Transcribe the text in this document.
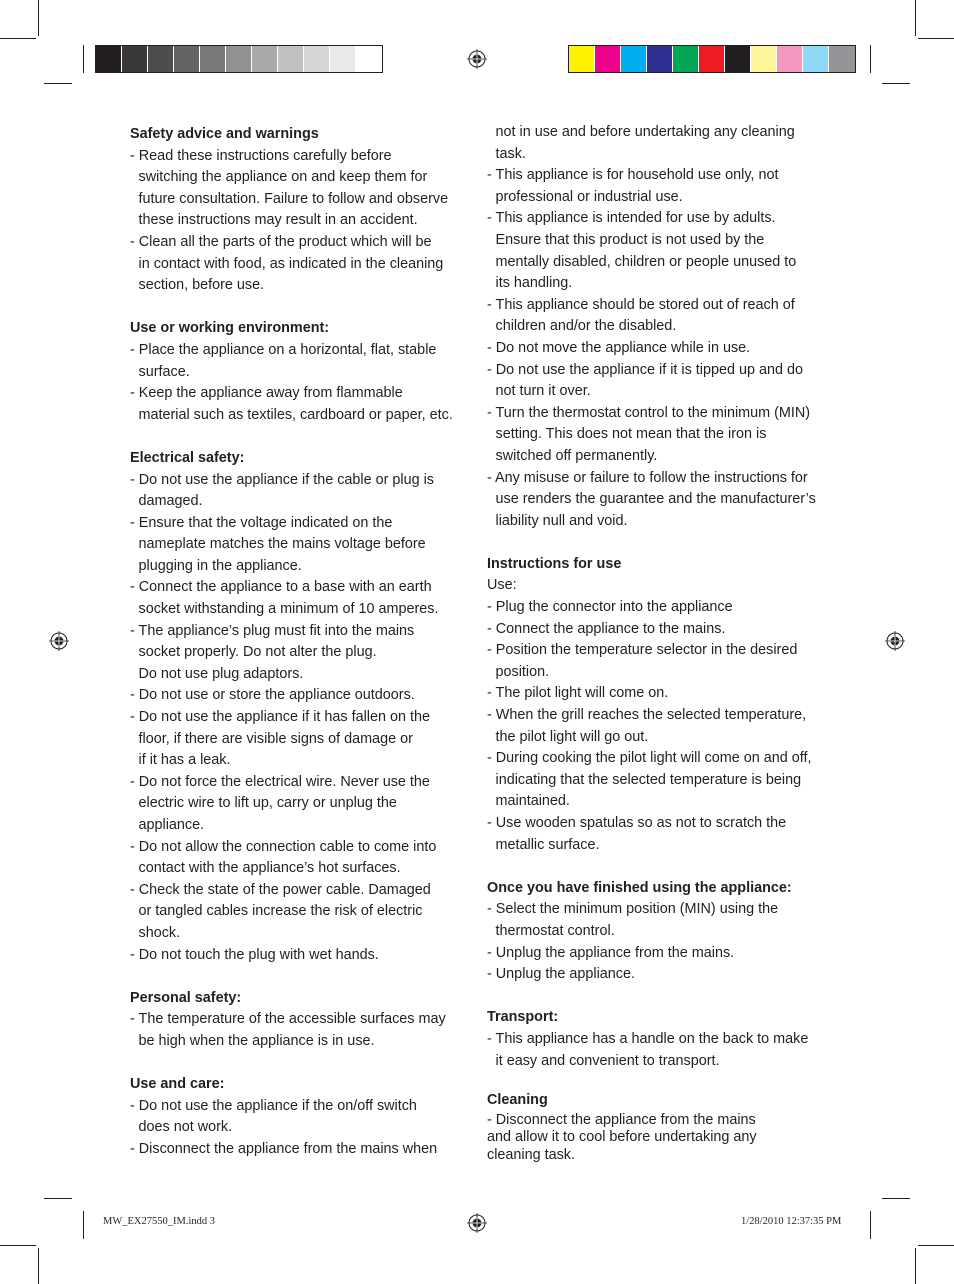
Safety advice and warnings

- Read these instructions carefully before

switching the appliance on and keep them for

future consultation. Failure to follow and observe

these instructions may result in an accident.

- Clean all the parts of the product which will be

in contact with food, as indicated in the cleaning

section, before use.

Use or working environment:

- Place the appliance on a horizontal, flat, stable

surface.

- Keep the appliance away from flammable

material such as textiles, cardboard or paper, etc.

Electrical safety:

- Do not use the appliance if the cable or plug is

damaged.

- Ensure that the voltage indicated on the

nameplate matches the mains voltage before

plugging in the appliance.

- Connect the appliance to a base with an earth

socket withstanding a minimum of 10 amperes.

- The appliance’s plug must fit into the mains

socket properly. Do not alter the plug.

Do not use plug adaptors.

- Do not use or store the appliance outdoors.

- Do not use the appliance if it has fallen on the

floor, if there are visible signs of damage or

if it has a leak.

- Do not force the electrical wire. Never use the

electric wire to lift up, carry or unplug the

appliance.

- Do not allow the connection cable to come into

contact with the appliance’s hot surfaces.

- Check the state of the power cable. Damaged

or tangled cables increase the risk of electric

shock.

- Do not touch the plug with wet hands.

Personal safety:

- The temperature of the accessible surfaces may

be high when the appliance is in use.

Use and care:

- Do not use the appliance if the on/off switch

does not work.

- Disconnect the appliance from the mains when

not in use and before undertaking any cleaning

task.

- This appliance is for household use only, not

professional or industrial use.

- This appliance is intended for use by adults.

Ensure that this product is not used by the

mentally disabled, children or people unused to

its handling.

- This appliance should be stored out of reach of

children and/or the disabled.

- Do not move the appliance while in use.

- Do not use the appliance if it is tipped up and do

not turn it over.

- Turn the thermostat control to the minimum (MIN)

setting. This does not mean that the iron is

switched off permanently.

- Any misuse or failure to follow the instructions for

use renders the guarantee and the manufacturer’s

liability null and void.

Instructions for use

Use:

- Plug the connector into the appliance

- Connect the appliance to the mains.

- Position the temperature selector in the desired

position.

- The pilot light will come on.

- When the grill reaches the selected temperature,

the pilot light will go out.

- During cooking the pilot light will come on and off,

indicating that the selected temperature is being

maintained.

- Use wooden spatulas so as not to scratch the

metallic surface.

Once you have finished using the appliance:

- Select the minimum position (MIN) using the

thermostat control.

- Unplug the appliance from the mains.

- Unplug the appliance.

Transport:

- This appliance has a handle on the back to make

it easy and convenient to transport.

Cleaning

- Disconnect the appliance from the mains

and allow it to cool before undertaking any

cleaning task.

MW_EX27550_IM.indd 3	1/28/2010 12:37:35 PM
